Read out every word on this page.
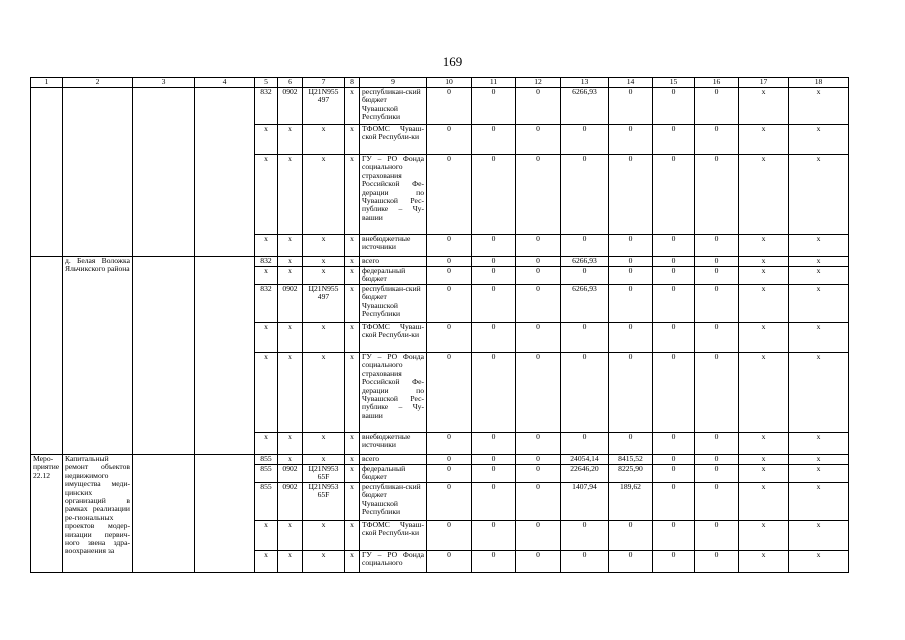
169
1	2	3	4	5	6	7	8	9	10	11	12	13	14	15	16	17	18
				832	0902	Ц21N955 497	x	республикан-ский бюджет Чувашской Республики	0	0	0	6266,93	0	0	0	x	x
				x	x	x	x	ТФОМС Чуваш-ской Республи-ки	0	0	0	0	0	0	0	x	x
				x	x	x	x	ГУ – РО Фонда социального страхования Российской Фе-дерации по Чувашской Рес-публике – Чу-вашии	0	0	0	0	0	0	0	x	x
				x	x	x	x	внебюджетные источники	0	0	0	0	0	0	0	x	x
	д. Белая Воложка Яльчикского района			832	x	x	x	всего	0	0	0	6266,93	0	0	0	x	x
				x	x	x	x	федеральный бюджет	0	0	0	0	0	0	0	x	x
				832	0902	Ц21N955 497	x	республикан-ский бюджет Чувашской Республики	0	0	0	6266,93	0	0	0	x	x
				x	x	x	x	ТФОМС Чуваш-ской Республи-ки	0	0	0	0	0	0	0	x	x
				x	x	x	x	ГУ – РО Фонда социального страхования Российской Фе-дерации по Чувашской Рес-публике – Чу-вашии	0	0	0	0	0	0	0	x	x
				x	x	x	x	внебюджетные источники	0	0	0	0	0	0	0	x	x
Меро-приятие 22.12	Капитальный ремонт объектов недвижимого имущества меди-цинских организаций в рамках реализации ре-гиональных проектов модер-низации первич-ного звена здра-воохранения за			855	x	x	x	всего	0	0	0	24054,14	8415,52	0	0	x	x
				855	0902	Ц21N953 65F	x	федеральный бюджет	0	0	0	22646,20	8225,90	0	0	x	x
				855	0902	Ц21N953 65F	x	республикан-ский бюджет Чувашской Республики	0	0	0	1407,94	189,62	0	0	x	x
				x	x	x	x	ТФОМС Чуваш-ской Республи-ки	0	0	0	0	0	0	0	x	x
				x	x	x	x	ГУ – РО Фонда социального	0	0	0	0	0	0	0	x	x
